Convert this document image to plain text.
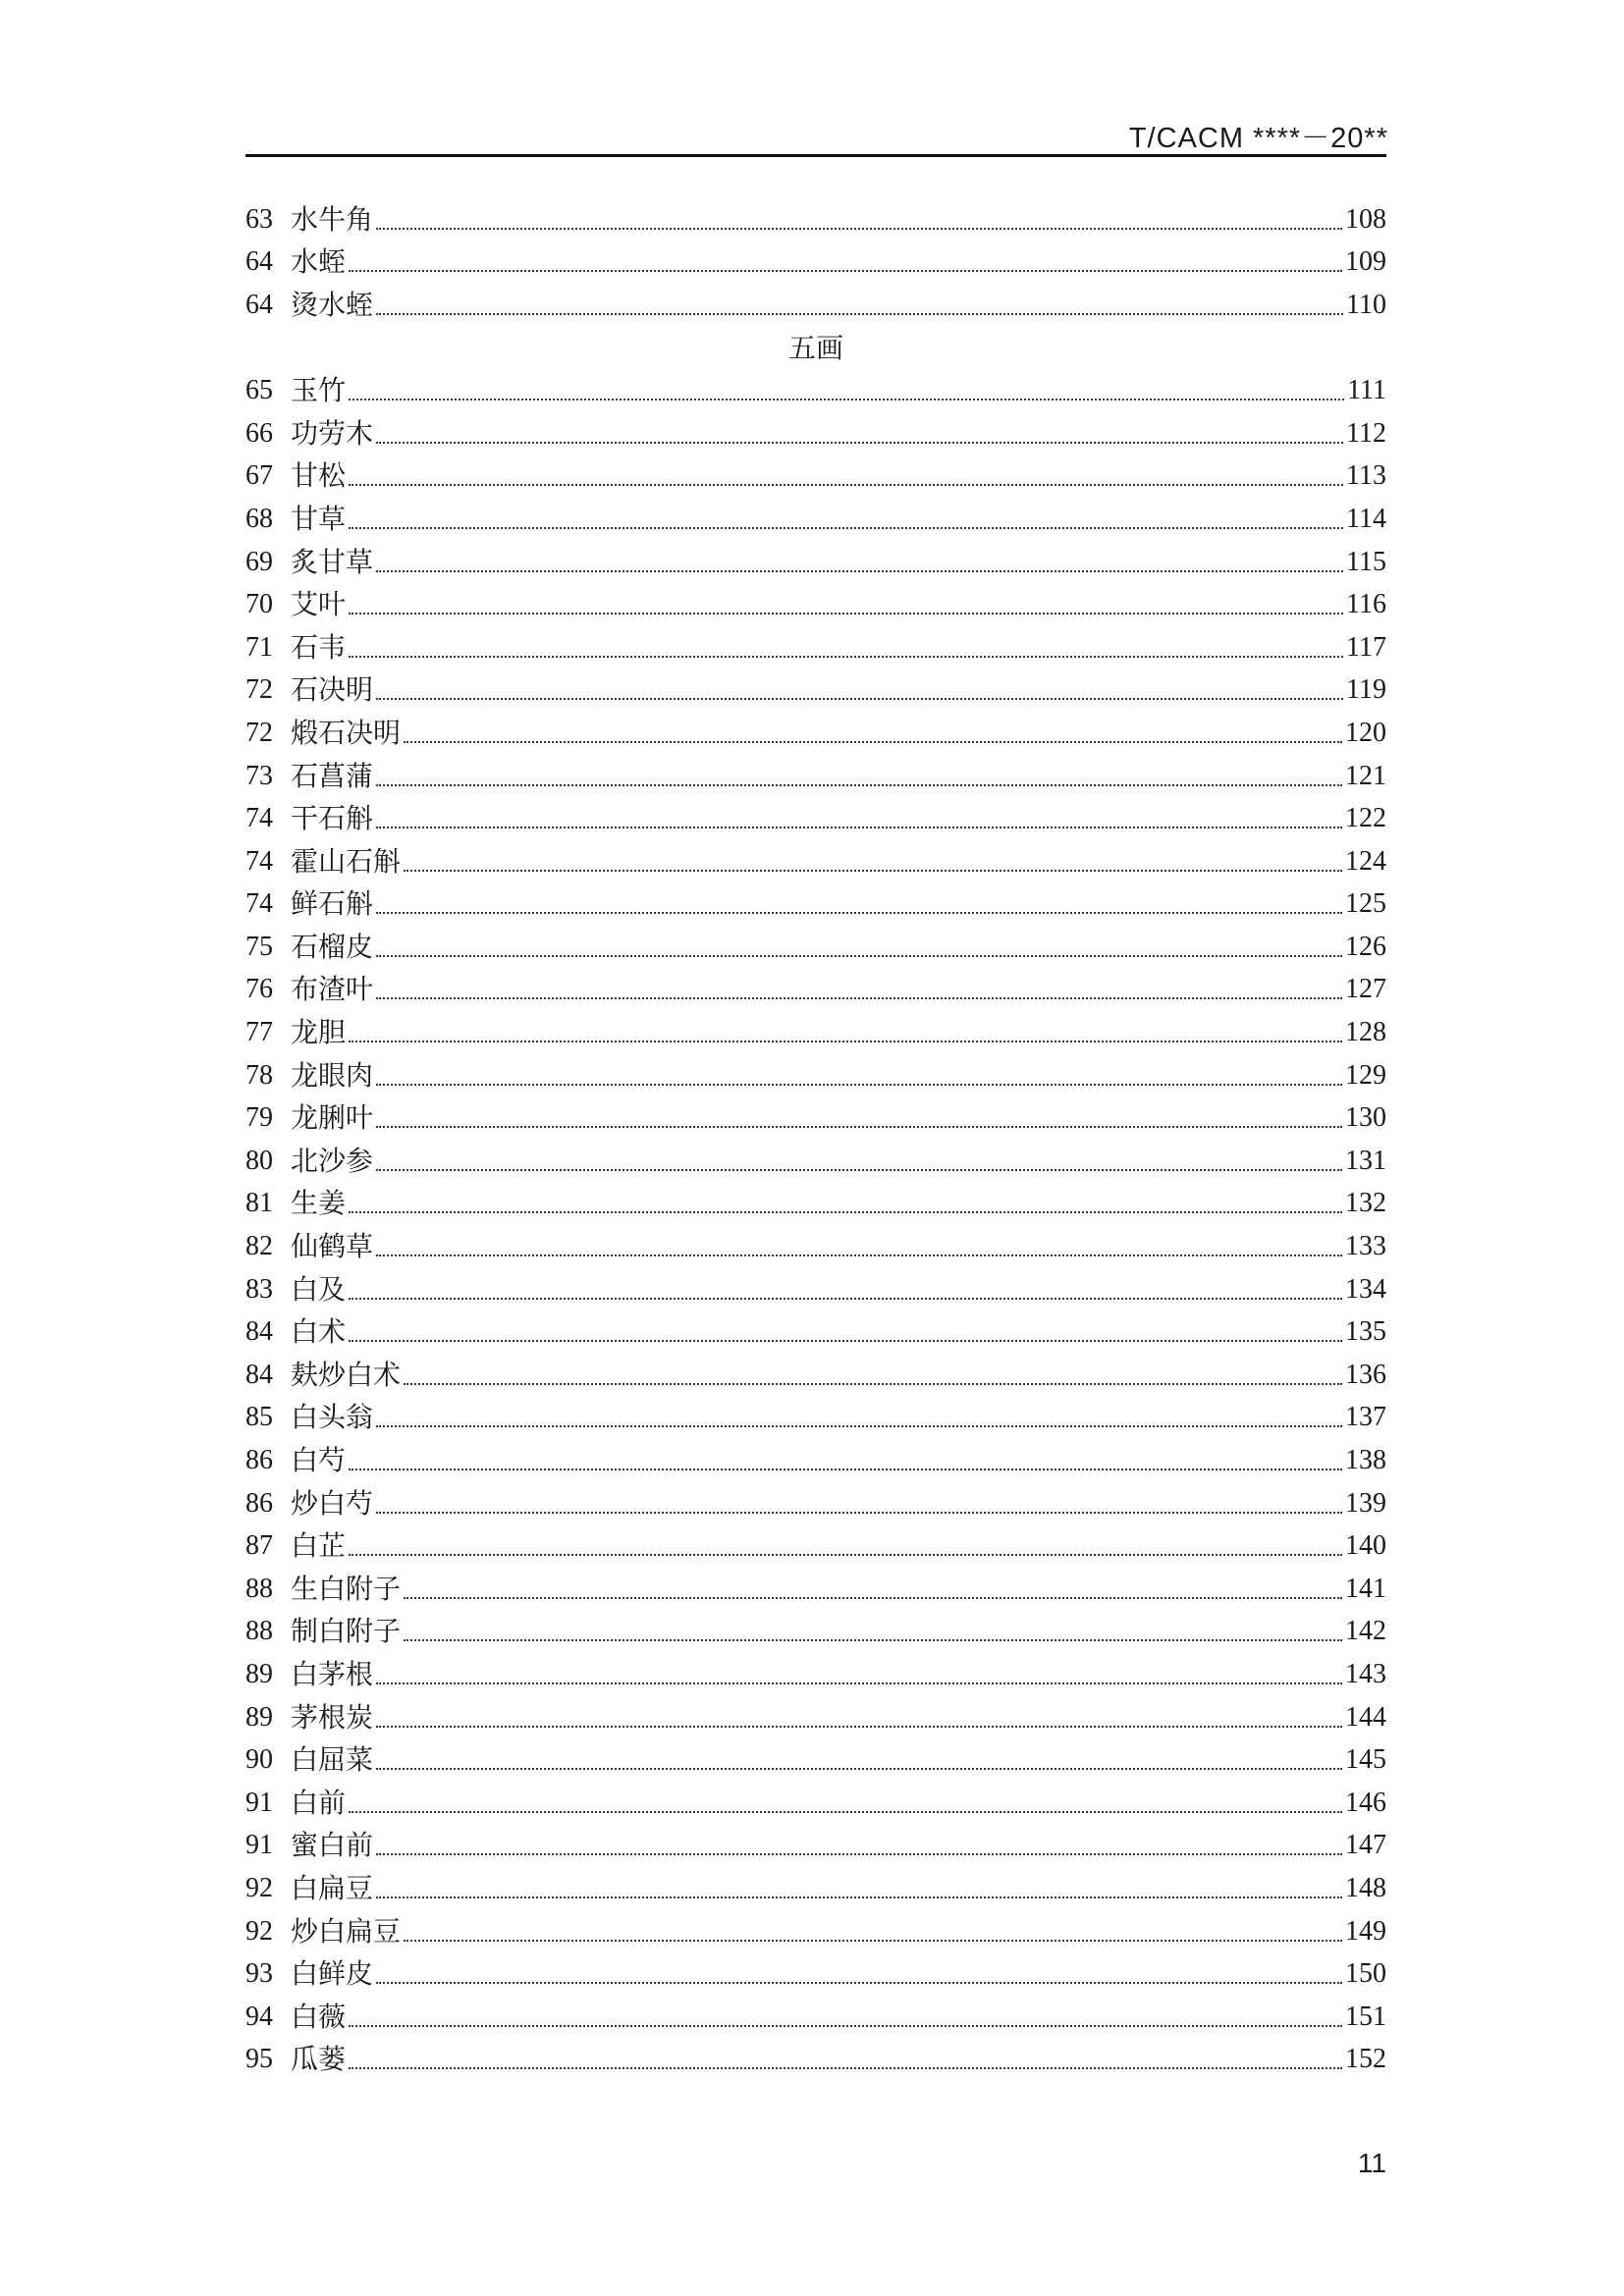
T/CACM ****－20**
63 水牛角	108
64 水蛭	109
64 烫水蛭	110
五画
65 玉竹	111
66 功劳木	112
67 甘松	113
68 甘草	114
69 炙甘草	115
70 艾叶	116
71 石韦	117
72 石决明	119
72 煅石决明	120
73 石菖蒲	121
74 干石斛	122
74 霍山石斛	124
74 鲜石斛	125
75 石榴皮	126
76 布渣叶	127
77 龙胆	128
78 龙眼肉	129
79 龙脷叶	130
80 北沙参	131
81 生姜	132
82 仙鹤草	133
83 白及	134
84 白术	135
84 麸炒白术	136
85 白头翁	137
86 白芍	138
86 炒白芍	139
87 白芷	140
88 生白附子	141
88 制白附子	142
89 白茅根	143
89 茅根炭	144
90 白屈菜	145
91 白前	146
91 蜜白前	147
92 白扁豆	148
92 炒白扁豆	149
93 白鲜皮	150
94 白薇	151
95 瓜蒌	152
11
